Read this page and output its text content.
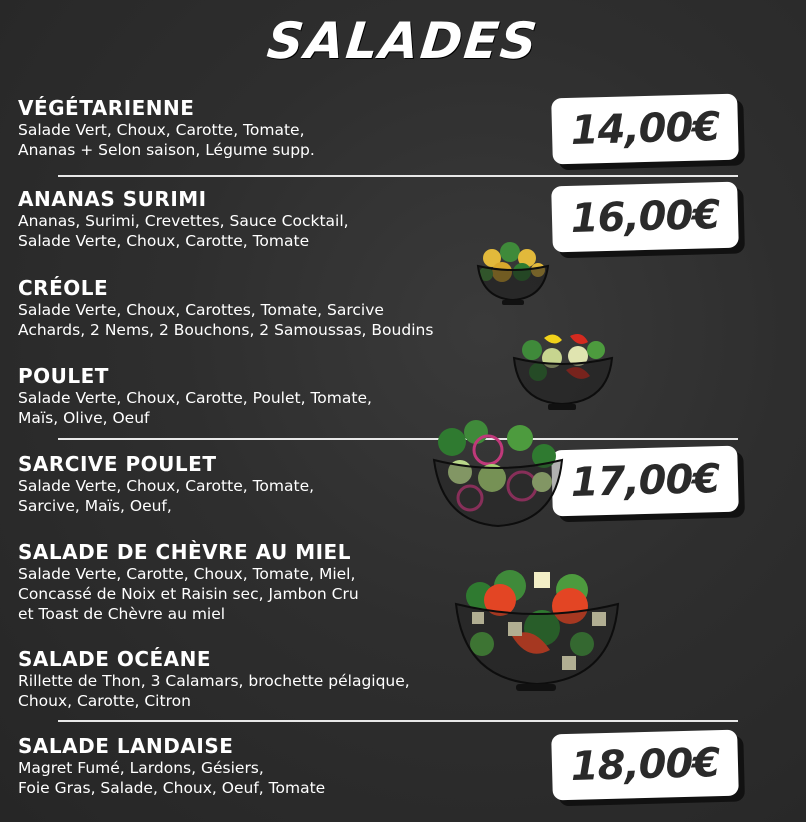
SALADES
VÉGÉTARIENNE

Salade Vert, Choux, Carotte, Tomate,

Ananas + Selon saison, Légume supp.	14,00€
ANANAS SURIMI

Ananas, Surimi, Crevettes, Sauce Cocktail,

Salade Verte, Choux, Carotte, Tomate	16,00€
CRÉOLE

Salade Verte, Choux, Carottes, Tomate, Sarcive

Achards, 2 Nems, 2 Bouchons, 2 Samoussas, Boudins

POULET

Salade Verte, Choux, Carotte, Poulet, Tomate,

Maïs, Olive, Oeuf

SARCIVE POULET

Salade Verte, Choux, Carotte, Tomate,

Sarcive, Maïs, Oeuf,

17,00€
SALADE DE CHÈVRE AU MIEL

Salade Verte, Carotte, Choux, Tomate, Miel,

Concassé de Noix et Raisin sec, Jambon Cru

et Toast de Chèvre au miel

SALADE OCÉANE

Rillette de Thon, 3 Calamars, brochette pélagique,

Choux, Carotte, Citron

SALADE LANDAISE

Magret Fumé, Lardons, Gésiers,

Foie Gras, Salade, Choux, Oeuf, Tomate	18,00€
